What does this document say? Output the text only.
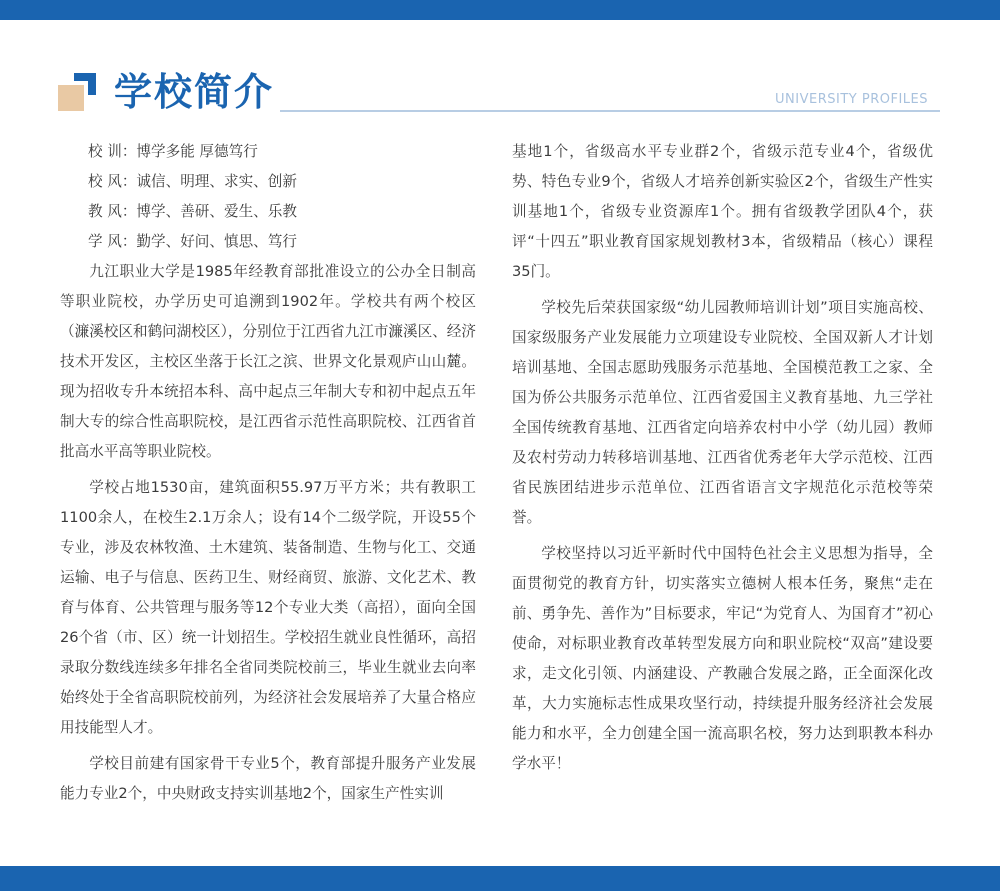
学校简介	UNIVERSITY PROFILES

校 训：博学多能 厚德笃行

校 风：诚信、明理、求实、创新

教 风：博学、善研、爱生、乐教

学 风：勤学、好问、慎思、笃行

九江职业大学是1985年经教育部批准设立的公办全日制高等职业院校，办学历史可追溯到1902年。学校共有两个校区（濂溪校区和鹤问湖校区），分别位于江西省九江市濂溪区、经济技术开发区，主校区坐落于长江之滨、世界文化景观庐山山麓。现为招收专升本统招本科、高中起点三年制大专和初中起点五年制大专的综合性高职院校，是江西省示范性高职院校、江西省首批高水平高等职业院校。

学校占地1530亩，建筑面积55.97万平方米；共有教职工1100余人，在校生2.1万余人；设有14个二级学院，开设55个专业，涉及农林牧渔、土木建筑、装备制造、生物与化工、交通运输、电子与信息、医药卫生、财经商贸、旅游、文化艺术、教育与体育、公共管理与服务等12个专业大类（高招），面向全国26个省（市、区）统一计划招生。学校招生就业良性循环，高招录取分数线连续多年排名全省同类院校前三，毕业生就业去向率始终处于全省高职院校前列，为经济社会发展培养了大量合格应用技能型人才。

学校目前建有国家骨干专业5个，教育部提升服务产业发展能力专业2个，中央财政支持实训基地2个，国家生产性实训

基地1个，省级高水平专业群2个，省级示范专业4个，省级优势、特色专业9个，省级人才培养创新实验区2个，省级生产性实训基地1个，省级专业资源库1个。拥有省级教学团队4个，获评“十四五”职业教育国家规划教材3本，省级精品（核心）课程35门。

学校先后荣获国家级“幼儿园教师培训计划”项目实施高校、国家级服务产业发展能力立项建设专业院校、全国双新人才计划培训基地、全国志愿助残服务示范基地、全国模范教工之家、全国为侨公共服务示范单位、江西省爱国主义教育基地、九三学社全国传统教育基地、江西省定向培养农村中小学（幼儿园）教师及农村劳动力转移培训基地、江西省优秀老年大学示范校、江西省民族团结进步示范单位、江西省语言文字规范化示范校等荣誉。

学校坚持以习近平新时代中国特色社会主义思想为指导，全面贯彻党的教育方针，切实落实立德树人根本任务，聚焦“走在前、勇争先、善作为”目标要求，牢记“为党育人、为国育才”初心使命，对标职业教育改革转型发展方向和职业院校“双高”建设要求，走文化引领、内涵建设、产教融合发展之路，正全面深化改革，大力实施标志性成果攻坚行动，持续提升服务经济社会发展能力和水平，全力创建全国一流高职名校，努力达到职教本科办学水平！
